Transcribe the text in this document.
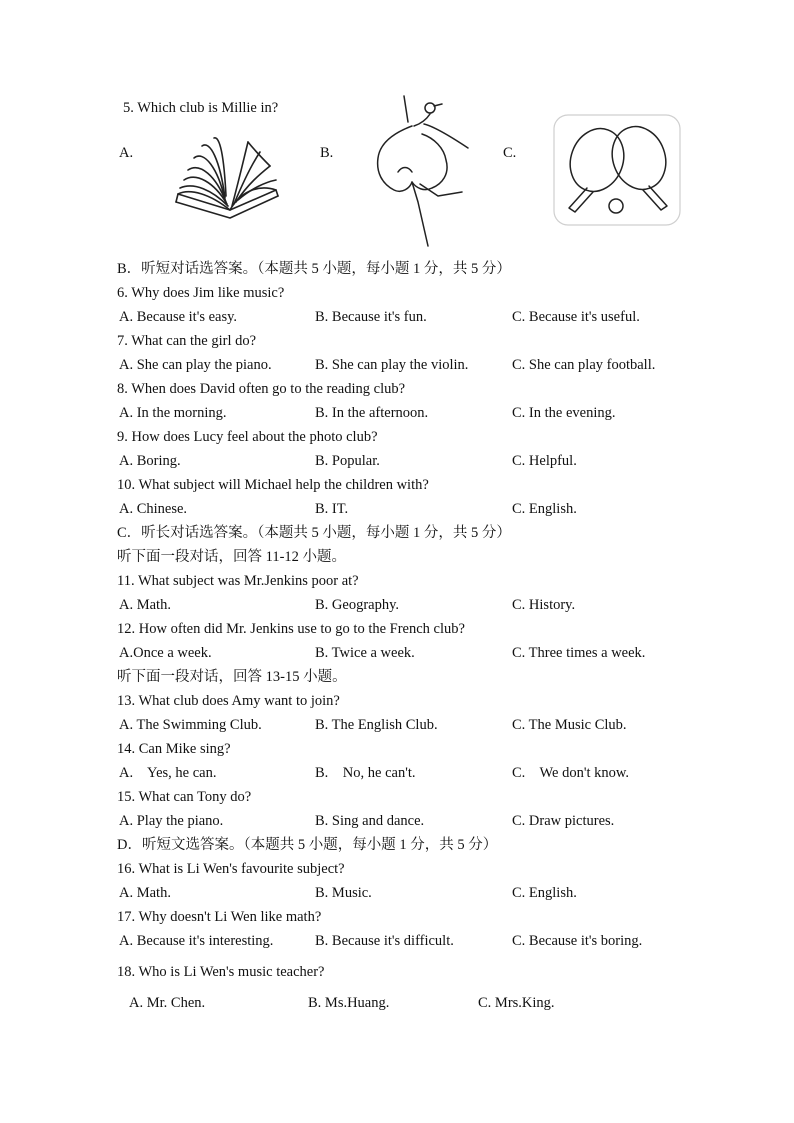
5. Which club is Millie in?
A.	B.	C.
B．听短对话选答案。（本题共 5 小题，每小题 1 分，共 5 分）
6. Why does Jim like music?
A. Because it's easy.	B. Because it's fun.	C. Because it's useful.
7. What can the girl do?
A. She can play the piano.	B. She can play the violin.	C. She can play football.
8. When does David often go to the reading club?
A. In the morning.	B. In the afternoon.	C. In the evening.
9. How does Lucy feel about the photo club?
A. Boring.	B. Popular.	C. Helpful.
10. What subject will Michael help the children with?
A. Chinese.	B. IT.	C. English.
C．听长对话选答案。（本题共 5 小题，每小题 1 分，共 5 分）
听下面一段对话，回答 11-12 小题。
11. What subject was Mr.Jenkins poor at?
A. Math.	B. Geography.	C. History.
12. How often did Mr. Jenkins use to go to the French club?
A.Once a week.	B. Twice a week.	C. Three times a week.
听下面一段对话，回答 13-15 小题。
13. What club does Amy want to join?
A. The Swimming Club.	B. The English Club.	C. The Music Club.
14. Can Mike sing?
A.    Yes, he can.	B.    No, he can't.	C.    We don't know.
15. What can Tony do?
A. Play the piano.	B. Sing and dance.	C. Draw pictures.
D．听短文选答案。（本题共 5 小题，每小题 1 分，共 5 分）
16. What is Li Wen's favourite subject?
A. Math.	B. Music.	C. English.
17. Why doesn't Li Wen like math?
A. Because it's interesting.	B. Because it's difficult.	C. Because it's boring.
18. Who is Li Wen's music teacher?
A. Mr. Chen.	B. Ms.Huang.	C. Mrs.King.
